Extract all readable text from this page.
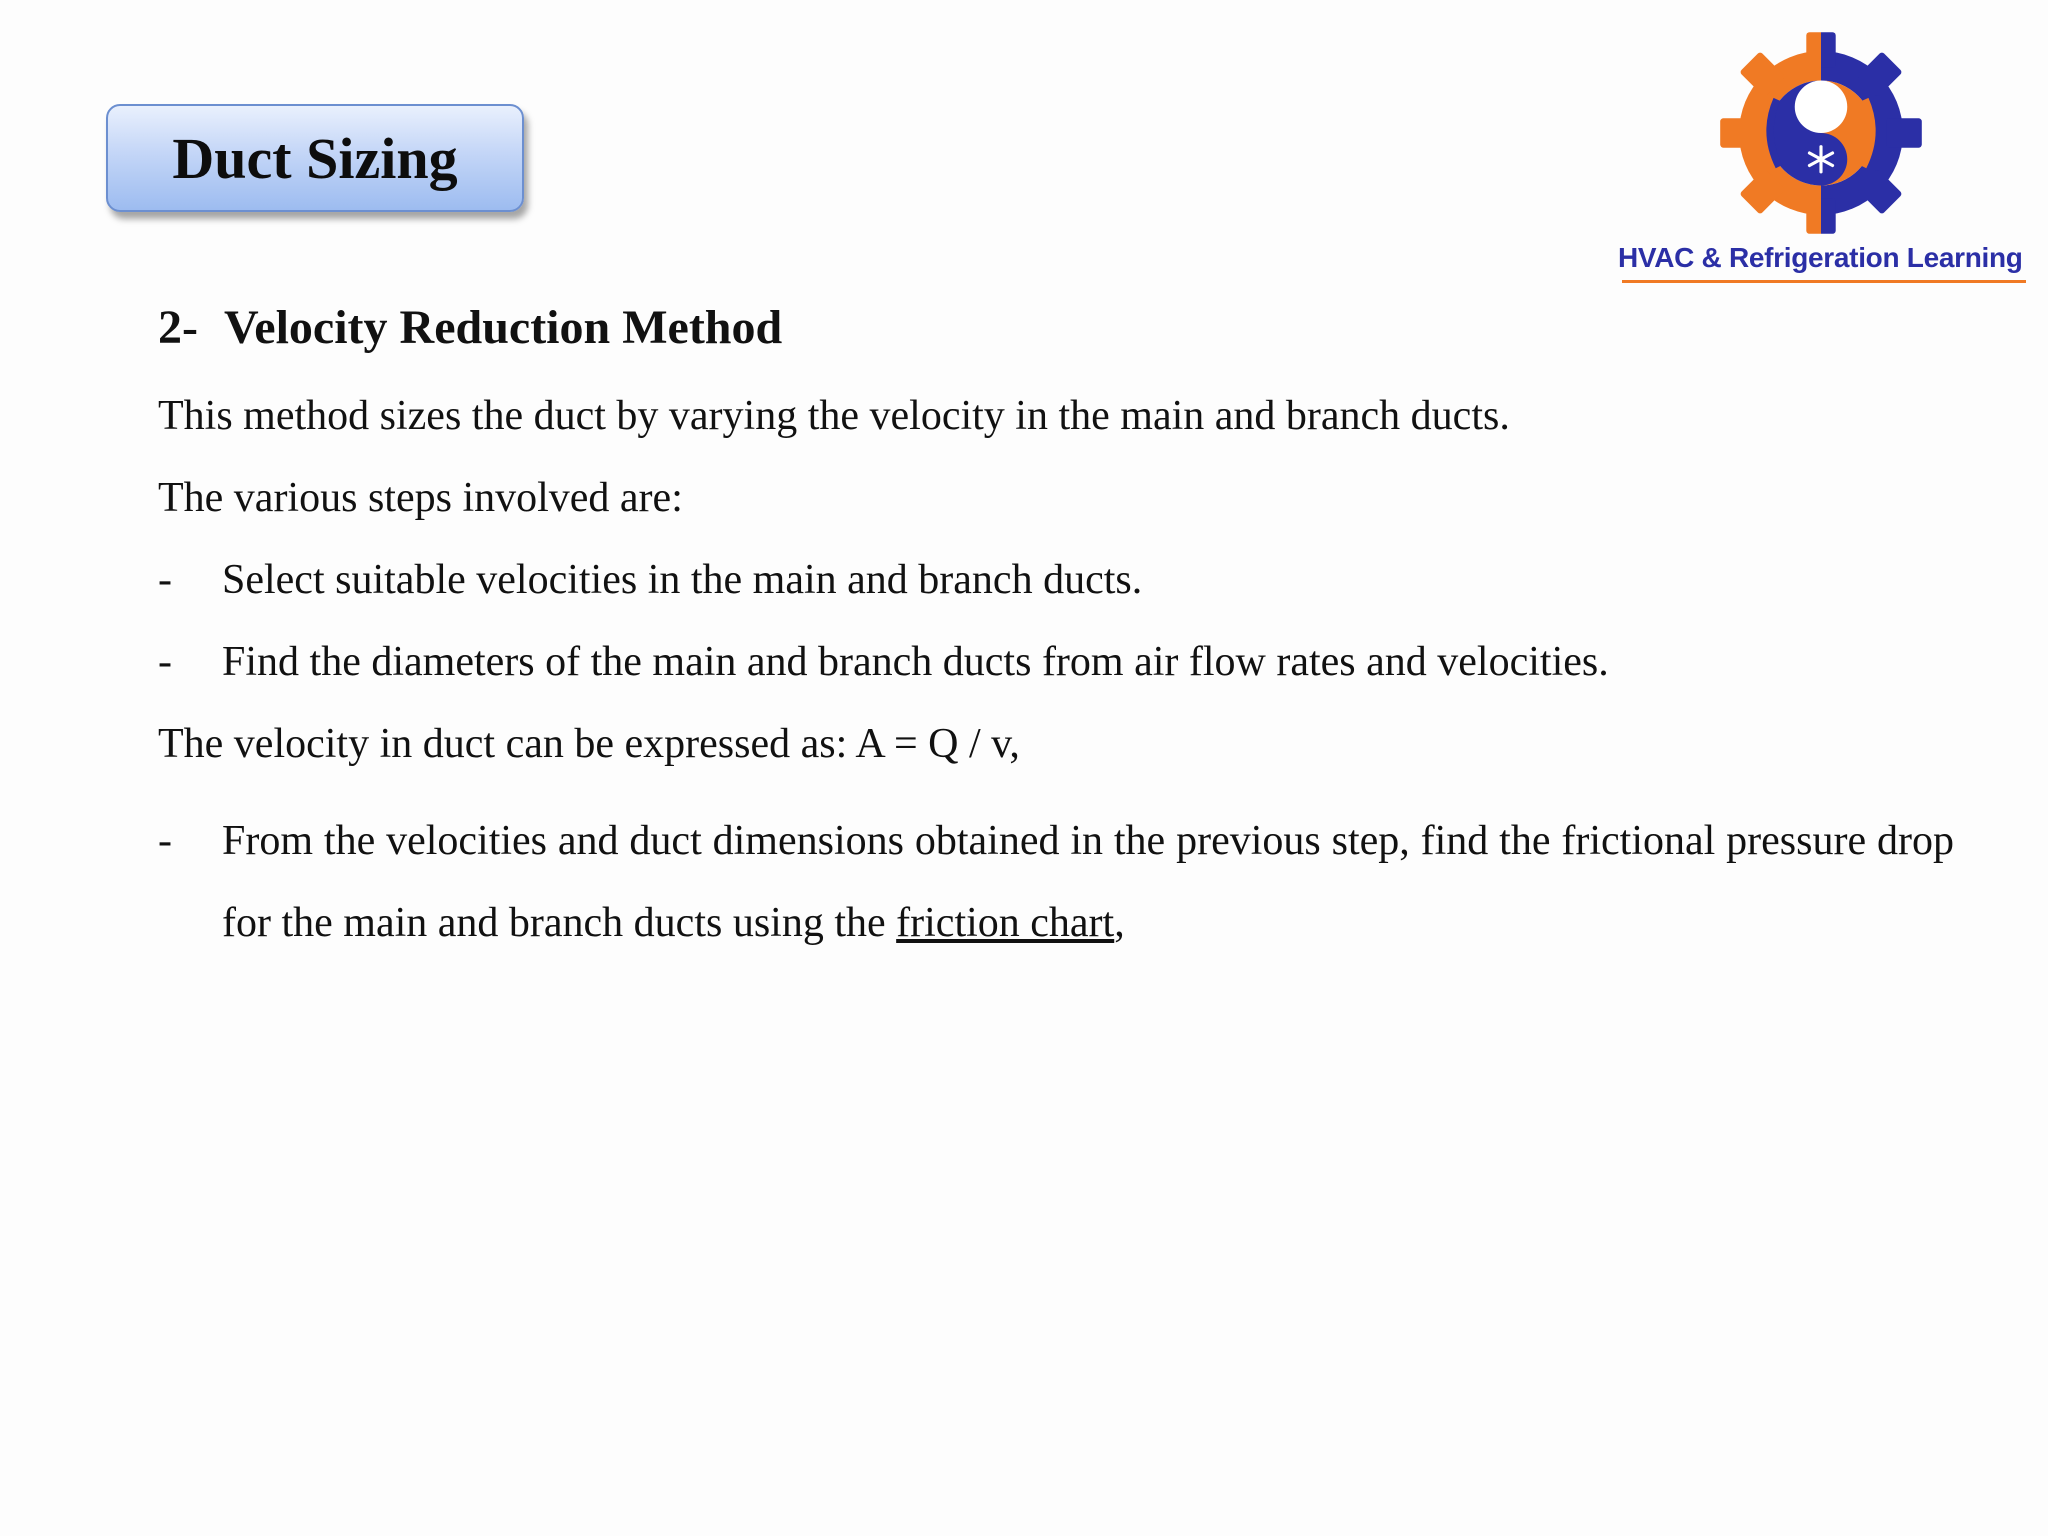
Duct Sizing
HVAC & Refrigeration Learning
2- Velocity Reduction Method
This method sizes the duct by varying the velocity in the main and branch ducts.
The various steps involved are:
- Select suitable velocities in the main and branch ducts.
- Find the diameters of the main and branch ducts from air flow rates and velocities.
The velocity in duct can be expressed as: A = Q / v,
- From the velocities and duct dimensions obtained in the previous step, find the frictional pressure drop for the main and branch ducts using the friction chart,
